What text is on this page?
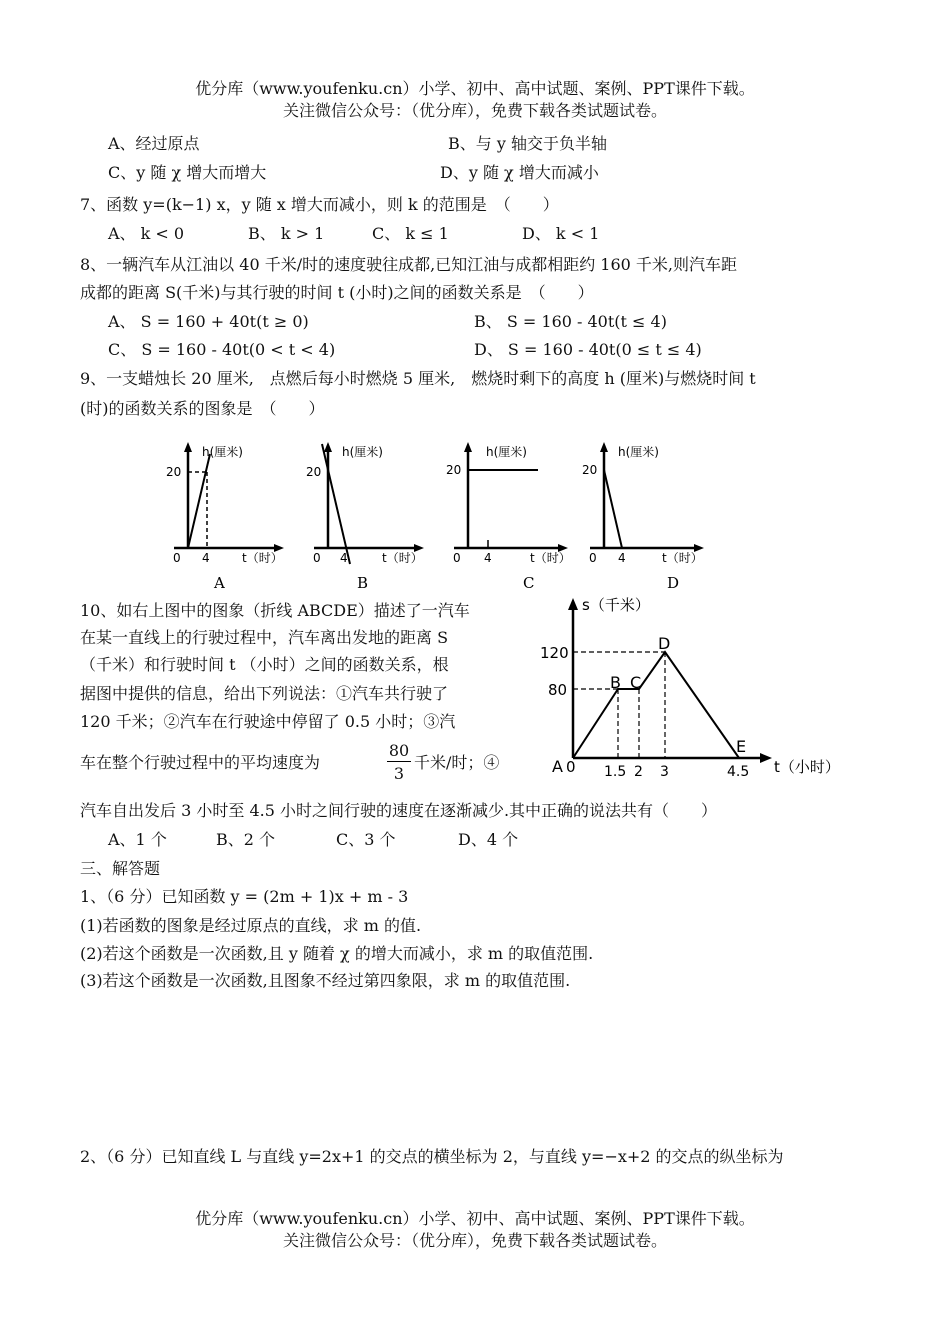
优分库（www.youfenku.cn）小学、初中、高中试题、案例、PPT课件下载。
关注微信公众号：（优分库），免费下载各类试题试卷。
A、经过原点	B、与 y 轴交于负半轴
C、y 随 χ 增大而增大	D、y 随 χ 增大而减小
7、函数 y=(k−1) x，y 随 x 增大而减小，则 k 的范围是　（　　）
A、 k < 0	B、 k > 1	C、 k ≤ 1	D、 k < 1
8、一辆汽车从江油以 40 千米/时的速度驶往成都,已知江油与成都相距约 160 千米,则汽车距
成都的距离 S(千米)与其行驶的时间 t (小时)之间的函数关系是　（　　）
A、 S = 160 + 40t(t ≥ 0)	B、 S = 160 - 40t(t ≤ 4)
C、 S = 160 - 40t(0 < t < 4)	D、 S = 160 - 40t(0 ≤ t ≤ 4)
9、一支蜡烛长 20 厘米,　点燃后每小时燃烧 5 厘米,　燃烧时剩下的高度 h (厘米)与燃烧时间 t
(时)的函数关系的图象是　（　　）
h(厘米)
20
0 4	t（时）
A
h(厘米)
20
0 4	t（时）
B
h(厘米)
20
0 4	t（时）
C
h(厘米)
20
0 4	t（时）
D
10、如右上图中的图象（折线 ABCDE）描述了一汽车
在某一直线上的行驶过程中，汽车离出发地的距离 S
（千米）和行驶时间 t （小时）之间的函数关系，根
据图中提供的信息，给出下列说法：①汽车共行驶了
120 千米；②汽车在行驶途中停留了 0.5 小时；③汽
车在整个行驶过程中的平均速度为
80
3
千米/时；④
汽车自出发后 3 小时至 4.5 小时之间行驶的速度在逐渐减少.其中正确的说法共有（　　）
A、1 个	B、2 个	C、3 个	D、4 个
s（千米）
120
80
A 0
B C
D
E
1.5 2 3	4.5 t（小时）
三、解答题
1、（6 分）已知函数 y = (2m + 1)x + m - 3
(1)若函数的图象是经过原点的直线，求 m 的值.
(2)若这个函数是一次函数,且 y 随着 χ 的增大而减小，求 m 的取值范围.
(3)若这个函数是一次函数,且图象不经过第四象限，求 m 的取值范围.
2、（6 分）已知直线 L 与直线 y=2x+1 的交点的横坐标为 2，与直线 y=−x+2 的交点的纵坐标为
优分库（www.youfenku.cn）小学、初中、高中试题、案例、PPT课件下载。
关注微信公众号：（优分库），免费下载各类试题试卷。
